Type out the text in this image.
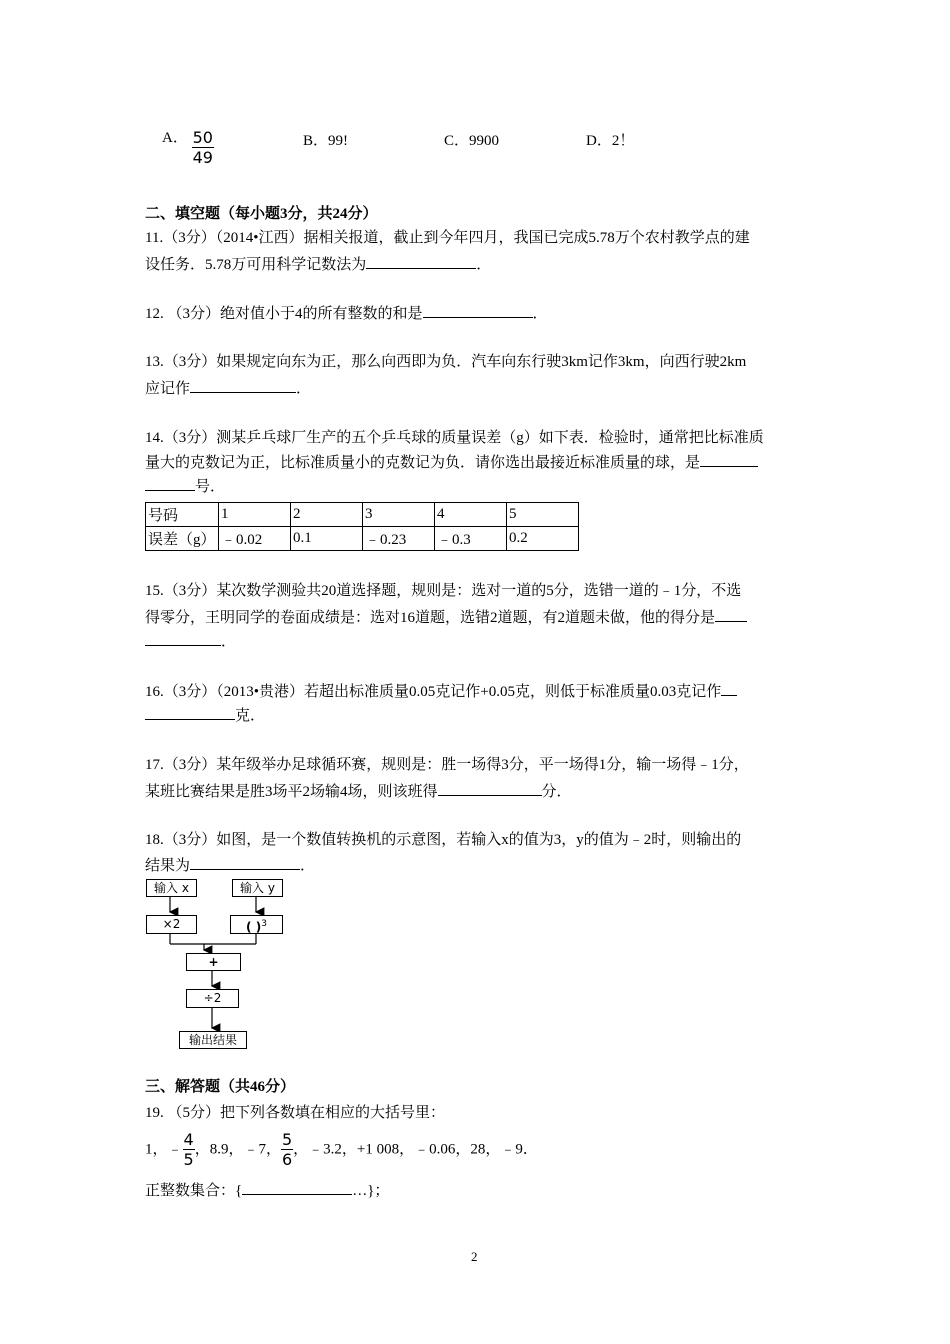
A． $\frac{50}{49}$	B．99!	C．9900	D．2！
二、填空题（每小题3分，共24分）
11.（3分）（2014•江西）据相关报道，截止到今年四月，我国已完成5.78万个农村教学点的建
设任务．5.78万可用科学记数法为	．
12. （3分）绝对值小于4的所有整数的和是	．
13.（3分）如果规定向东为正，那么向西即为负．汽车向东行驶3km记作3km，向西行驶2km
应记作	．
14.（3分）测某乒乓球厂生产的五个乒乓球的质量误差（g）如下表．检验时，通常把比标准质
量大的克数记为正，比标准质量小的克数记为负．请你选出最接近标准质量的球，是
号．
号码	1	2	3	4	5
误差（g）	﹣0.02	0.1	﹣0.23	﹣0.3	0.2
15.（3分）某次数学测验共20道选择题，规则是：选对一道的5分，选错一道的﹣1分，不选
得零分，王明同学的卷面成绩是：选对16道题，选错2道题，有2道题未做，他的得分是
．
16.（3分）（2013•贵港）若超出标准质量0.05克记作+0.05克，则低于标准质量0.03克记作
克．
17.（3分）某年级举办足球循环赛，规则是：胜一场得3分，平一场得1分，输一场得﹣1分，
某班比赛结果是胜3场平2场输4场，则该班得	分．
18.（3分）如图，是一个数值转换机的示意图，若输入x的值为3，y的值为﹣2时，则输出的
结果为	．
输入 x	输入 y
×2	( )$^3$
+
÷2
输出结果
三、解答题（共46分）
19. （5分）把下列各数填在相应的大括号里：
1，﹣ $\frac{4}{5}$ ，8.9，﹣7， $\frac{5}{6}$ ，﹣3.2，+1 008，﹣0.06，28，﹣9．
正整数集合：{	…}；
2
